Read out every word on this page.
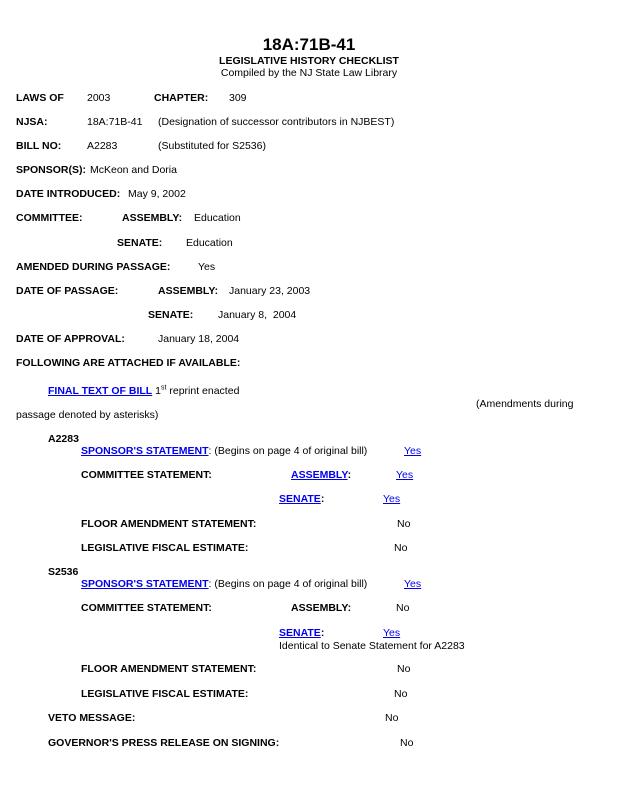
18A:71B-41
LEGISLATIVE HISTORY CHECKLIST
Compiled by the NJ State Law Library
LAWS OF 2003	CHAPTER: 309
NJSA:	18A:71B-41 (Designation of successor contributors in NJBEST)
BILL NO: A2283	(Substituted for S2536)
SPONSOR(S): McKeon and Doria
DATE INTRODUCED: May 9, 2002
COMMITTEE:	ASSEMBLY: Education
SENATE: Education
AMENDED DURING PASSAGE:	Yes
DATE OF PASSAGE:	ASSEMBLY: January 23, 2003
SENATE: January 8,  2004
DATE OF APPROVAL:	January 18, 2004
FOLLOWING ARE ATTACHED IF AVAILABLE:
FINAL TEXT OF BILL 1st reprint enacted
(Amendments during
passage denoted by asterisks)
A2283
SPONSOR'S STATEMENT: (Begins on page 4 of original bill)	Yes
COMMITTEE STATEMENT:	ASSEMBLY:	Yes
SENATE:	Yes
FLOOR AMENDMENT STATEMENT:	No
LEGISLATIVE FISCAL ESTIMATE:	No
S2536
SPONSOR'S STATEMENT: (Begins on page 4 of original bill)	Yes
COMMITTEE STATEMENT:	ASSEMBLY:	No
SENATE:	Yes
Identical to Senate Statement for A2283
FLOOR AMENDMENT STATEMENT:	No
LEGISLATIVE FISCAL ESTIMATE:	No
VETO MESSAGE:	No
GOVERNOR'S PRESS RELEASE ON SIGNING:	No
